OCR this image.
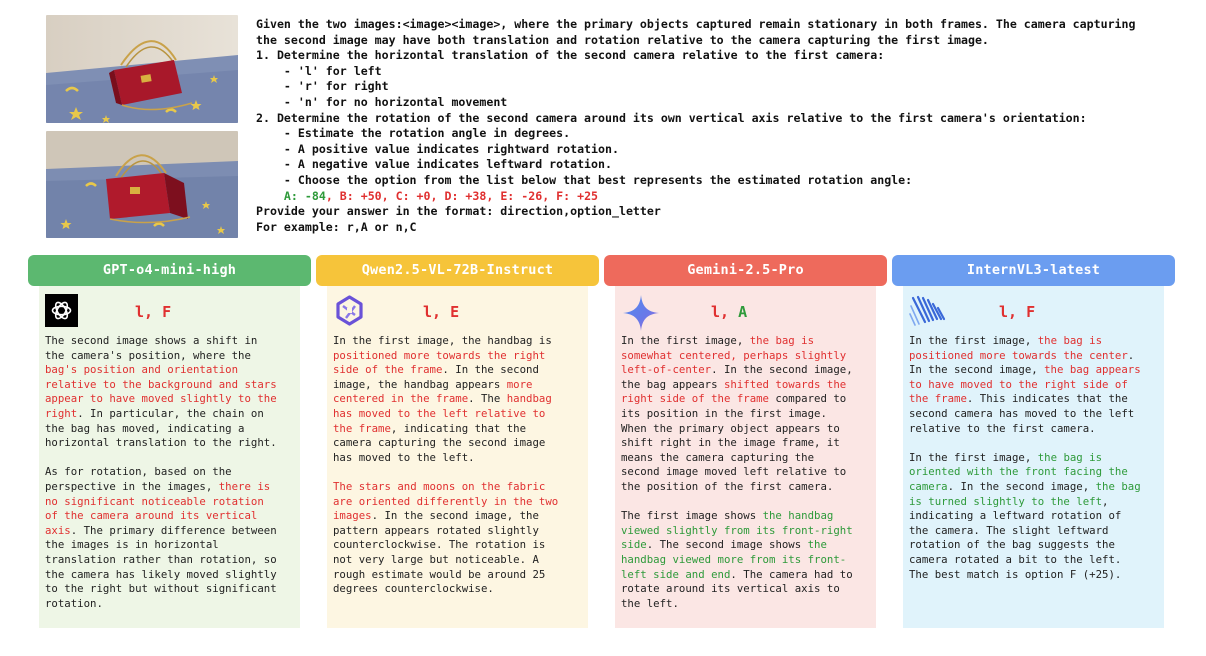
Given the two images:<image><image>, where the primary objects captured remain stationary in both frames. The camera capturing
the second image may have both translation and rotation relative to the camera capturing the first image.
1. Determine the horizontal translation of the second camera relative to the first camera:
- 'l' for left
- 'r' for right
- 'n' for no horizontal movement
2. Determine the rotation of the second camera around its own vertical axis relative to the first camera's orientation:
- Estimate the rotation angle in degrees.
- A positive value indicates rightward rotation.
- A negative value indicates leftward rotation.
- Choose the option from the list below that best represents the estimated rotation angle:
A: -84, B: +50, C: +0, D: +38, E: -26, F: +25
Provide your answer in the format: direction,option_letter
For example: r,A or n,C
GPT-o4-mini-high
l, F
The second image shows a shift in
the camera's position, where the
bag's position and orientation
relative to the background and stars
appear to have moved slightly to the
right. In particular, the chain on
the bag has moved, indicating a
horizontal translation to the right.
As for rotation, based on the
perspective in the images, there is
no significant noticeable rotation
of the camera around its vertical
axis. The primary difference between
the images is in horizontal
translation rather than rotation, so
the camera has likely moved slightly
to the right but without significant
rotation.
Qwen2.5-VL-72B-Instruct
l, E
In the first image, the handbag is
positioned more towards the right
side of the frame. In the second
image, the handbag appears more
centered in the frame. The handbag
has moved to the left relative to
the frame, indicating that the
camera capturing the second image
has moved to the left.
The stars and moons on the fabric
are oriented differently in the two
images. In the second image, the
pattern appears rotated slightly
counterclockwise. The rotation is
not very large but noticeable. A
rough estimate would be around 25
degrees counterclockwise.
Gemini-2.5-Pro
l, A
In the first image, the bag is
somewhat centered, perhaps slightly
left-of-center. In the second image,
the bag appears shifted towards the
right side of the frame compared to
its position in the first image.
When the primary object appears to
shift right in the image frame, it
means the camera capturing the
second image moved left relative to
the position of the first camera.
The first image shows the handbag
viewed slightly from its front-right
side. The second image shows the
handbag viewed more from its front-
left side and end. The camera had to
rotate around its vertical axis to
the left.
InternVL3-latest
l, F
In the first image, the bag is
positioned more towards the center.
In the second image, the bag appears
to have moved to the right side of
the frame. This indicates that the
second camera has moved to the left
relative to the first camera.
In the first image, the bag is
oriented with the front facing the
camera. In the second image, the bag
is turned slightly to the left,
indicating a leftward rotation of
the camera. The slight leftward
rotation of the bag suggests the
camera rotated a bit to the left.
The best match is option F (+25).
